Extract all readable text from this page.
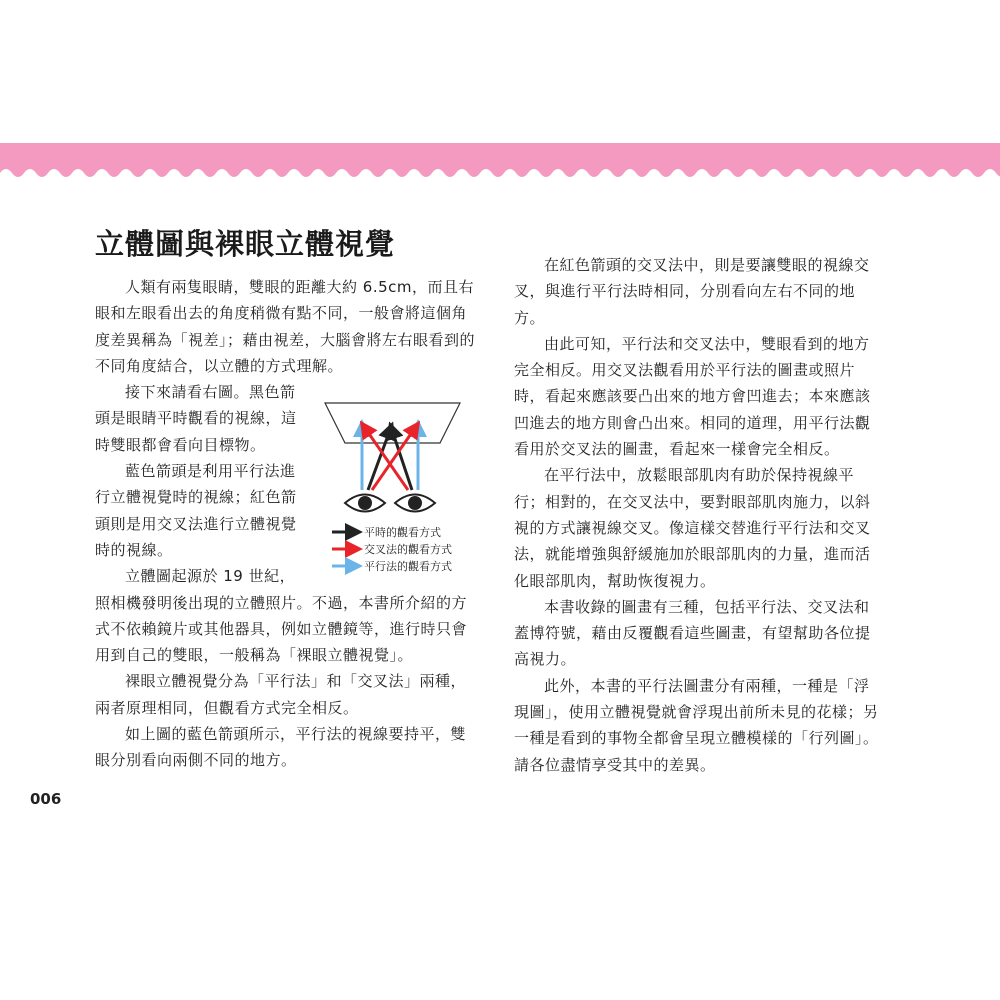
立體圖與裸眼立體視覺

人類有兩隻眼睛，雙眼的距離大約 6.5cm，而且右眼和左眼看出去的角度稍微有點不同，一般會將這個角度差異稱為「視差」；藉由視差，大腦會將左右眼看到的不同角度結合，以立體的方式理解。

接下來請看右圖。黑色箭頭是眼睛平時觀看的視線，這時雙眼都會看向目標物。

藍色箭頭是利用平行法進行立體視覺時的視線；紅色箭頭則是用交叉法進行立體視覺時的視線。

立體圖起源於 19 世紀，

照相機發明後出現的立體照片。不過，本書所介紹的方式不依賴鏡片或其他器具，例如立體鏡等，進行時只會用到自己的雙眼，一般稱為「裸眼立體視覺」。

裸眼立體視覺分為「平行法」和「交叉法」兩種，兩者原理相同，但觀看方式完全相反。

如上圖的藍色箭頭所示，平行法的視線要持平，雙眼分別看向兩側不同的地方。

平時的觀看方式
交叉法的觀看方式
平行法的觀看方式

在紅色箭頭的交叉法中，則是要讓雙眼的視線交叉，與進行平行法時相同，分別看向左右不同的地方。

由此可知，平行法和交叉法中，雙眼看到的地方完全相反。用交叉法觀看用於平行法的圖畫或照片時，看起來應該要凸出來的地方會凹進去；本來應該凹進去的地方則會凸出來。相同的道理，用平行法觀看用於交叉法的圖畫，看起來一樣會完全相反。

在平行法中，放鬆眼部肌肉有助於保持視線平行；相對的，在交叉法中，要對眼部肌肉施力，以斜視的方式讓視線交叉。像這樣交替進行平行法和交叉法，就能增強與舒緩施加於眼部肌肉的力量，進而活化眼部肌肉，幫助恢復視力。

本書收錄的圖畫有三種，包括平行法、交叉法和蓋博符號，藉由反覆觀看這些圖畫，有望幫助各位提高視力。

此外，本書的平行法圖畫分有兩種，一種是「浮現圖」，使用立體視覺就會浮現出前所未見的花樣；另一種是看到的事物全都會呈現立體模樣的「行列圖」。請各位盡情享受其中的差異。

006
